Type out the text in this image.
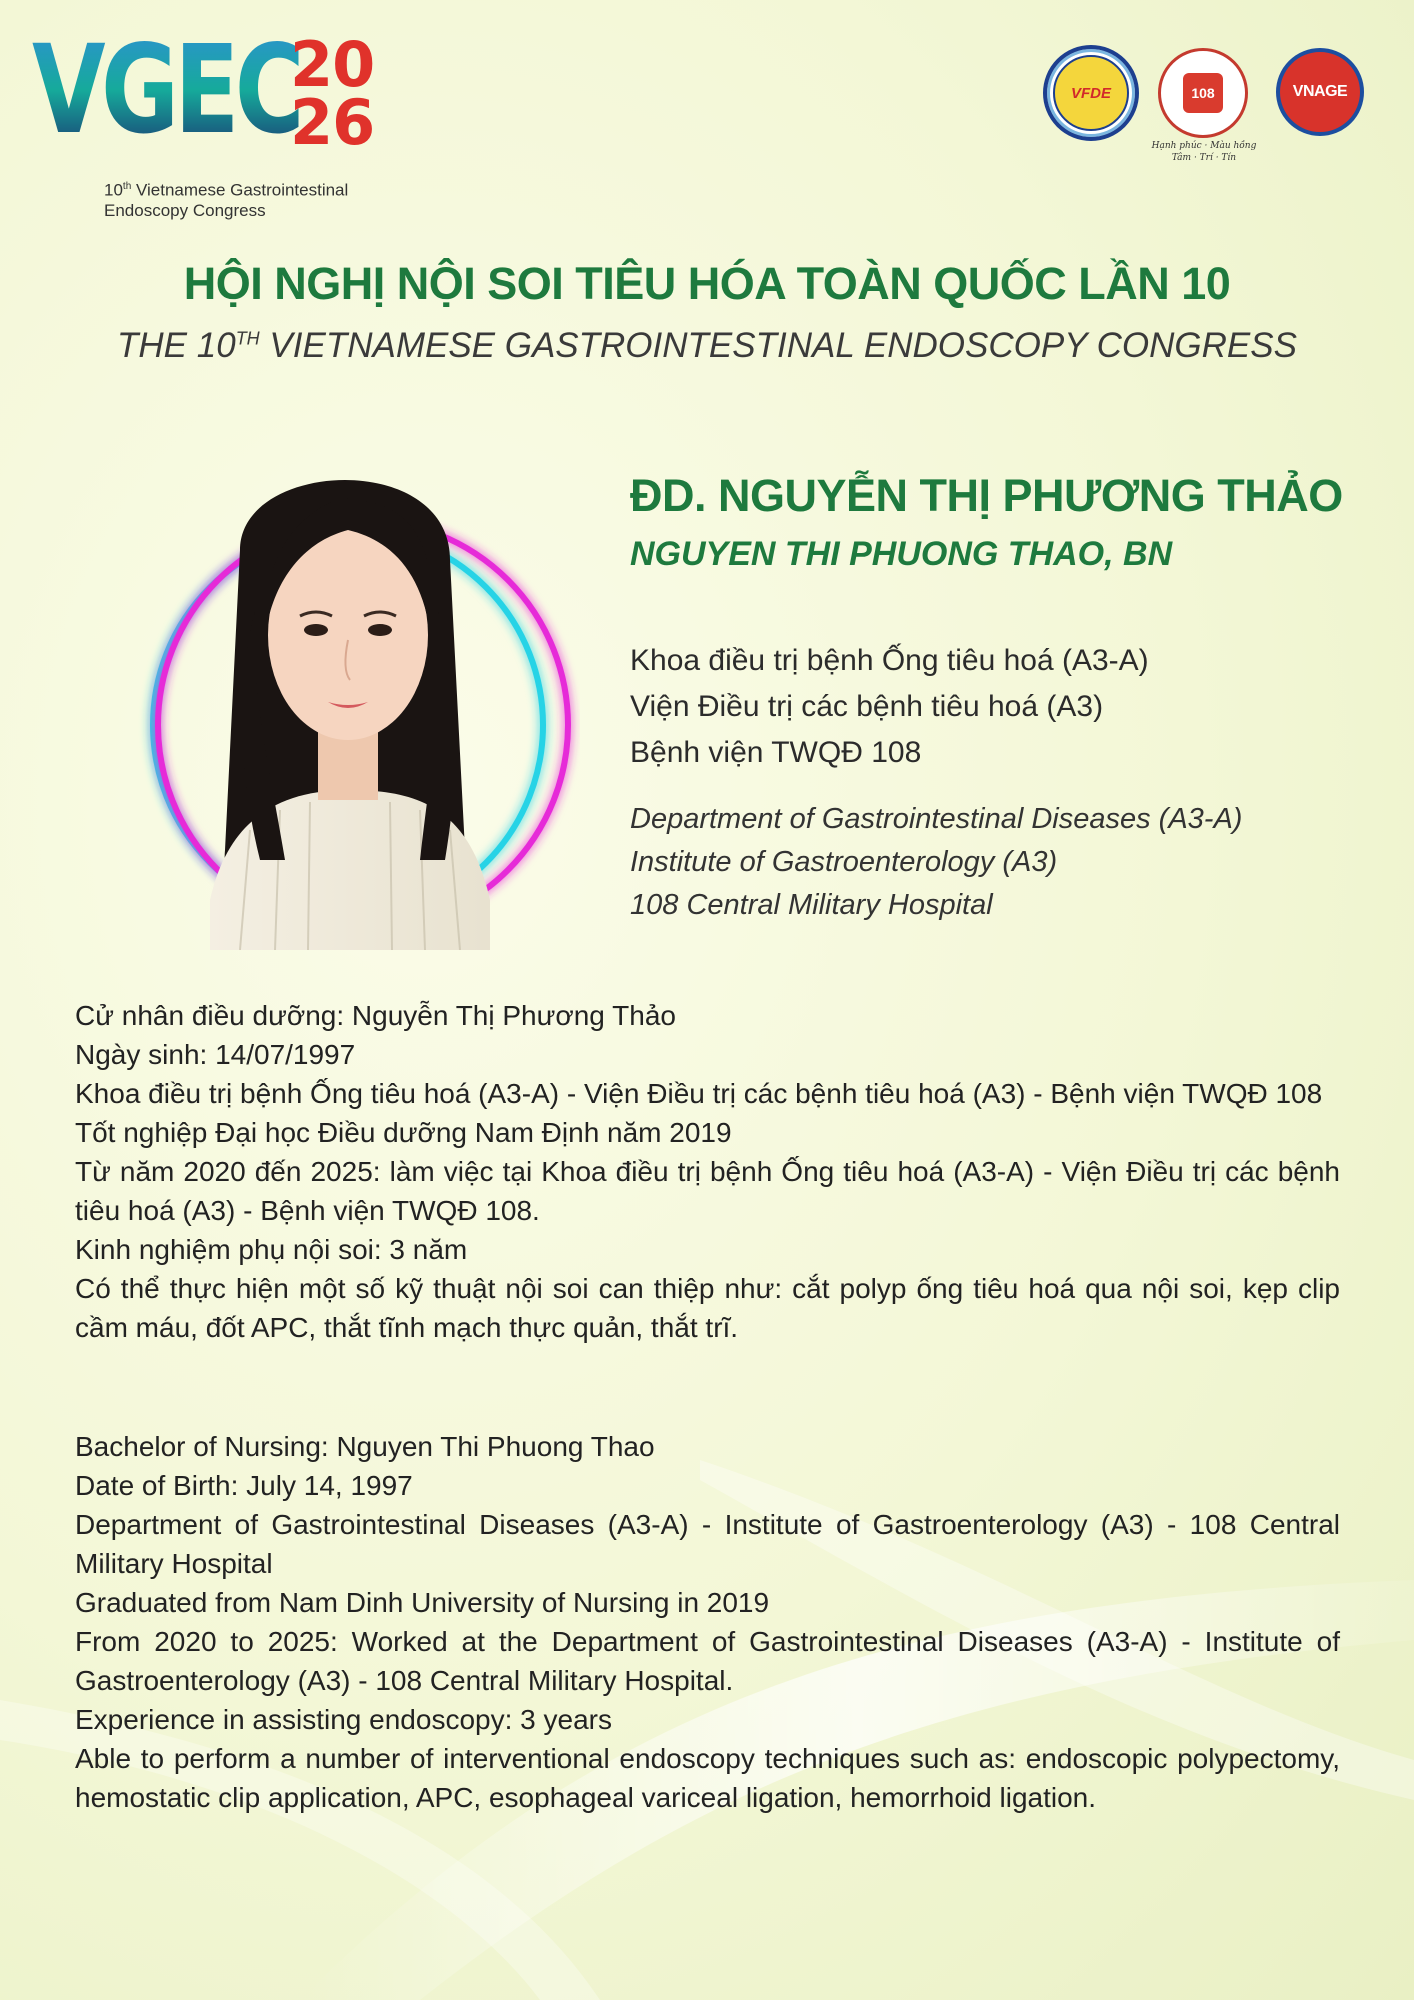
VGEC
20
26
10th Vietnamese Gastrointestinal
Endoscopy Congress
VFDE	108
Hạnh phúc · Màu hồng
Tâm · Trí · Tín
VNAGE
HỘI NGHỊ NỘI SOI TIÊU HÓA TOÀN QUỐC LẦN 10
THE 10TH VIETNAMESE GASTROINTESTINAL ENDOSCOPY CONGRESS
ĐD. NGUYỄN THỊ PHƯƠNG THẢO
NGUYEN THI PHUONG THAO, BN
Khoa điều trị bệnh Ống tiêu hoá (A3-A)
Viện Điều trị các bệnh tiêu hoá (A3)
Bệnh viện TWQĐ 108
Department of Gastrointestinal Diseases (A3-A)
Institute of Gastroenterology (A3)
108 Central Military Hospital

Cử nhân điều dưỡng: Nguyễn Thị Phương Thảo

Ngày sinh: 14/07/1997

Khoa điều trị bệnh Ống tiêu hoá (A3-A) - Viện Điều trị các bệnh tiêu hoá (A3) - Bệnh viện TWQĐ 108

Tốt nghiệp Đại học Điều dưỡng Nam Định năm 2019

Từ năm 2020 đến 2025: làm việc tại Khoa điều trị bệnh Ống tiêu hoá (A3-A) - Viện Điều trị các bệnh tiêu hoá (A3) - Bệnh viện TWQĐ 108.

Kinh nghiệm phụ nội soi: 3 năm

Có thể thực hiện một số kỹ thuật nội soi can thiệp như: cắt polyp ống tiêu hoá qua nội soi, kẹp clip cầm máu, đốt APC, thắt tĩnh mạch thực quản, thắt trĩ.

Bachelor of Nursing: Nguyen Thi Phuong Thao

Date of Birth: July 14, 1997

Department of Gastrointestinal Diseases (A3-A) - Institute of Gastroenterology (A3) - 108 Central Military Hospital

Graduated from Nam Dinh University of Nursing in 2019

From 2020 to 2025: Worked at the Department of Gastrointestinal Diseases (A3-A) - Institute of Gastroenterology (A3) - 108 Central Military Hospital.

Experience in assisting endoscopy: 3 years

Able to perform a number of interventional endoscopy techniques such as: endoscopic polypectomy, hemostatic clip application, APC, esophageal variceal ligation, hemorrhoid ligation.
